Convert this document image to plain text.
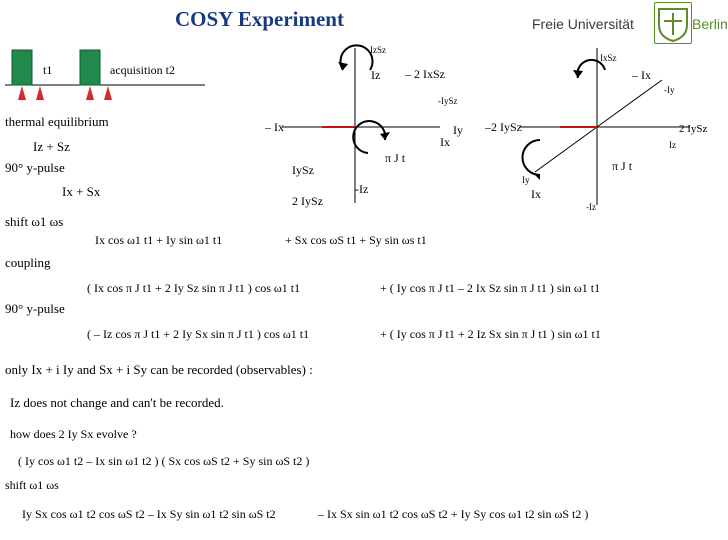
COSY Experiment	Freie Universität	Berlin
t1	acquisition t2
thermal equilibrium
Iz + Sz
90° y-pulse
Ix + Sx
shift ω1 ωs
IzSz
Iz – 2 IxSz
-IySz
– Ix	Iy
Ix
π J t
IySz
2 IySz
-Iz
IxSz
– Ix
-Iy
–2 IySz	2 IySz
Iz
π J t
Iy
Ix
-Iz
Ix cos ω1 t1 + Iy sin ω1 t1	+ Sx cos ωS t1 + Sy sin ωs t1
coupling
( Ix cos π J t1 + 2 Iy Sz sin π J t1 ) cos ω1 t1	+ ( Iy cos π J t1 – 2 Ix Sz sin π J t1 ) sin ω1 t1
90° y-pulse
( – Iz cos π J t1 + 2 Iy Sx sin π J t1 ) cos ω1 t1	+ ( Iy cos π J t1 + 2 Iz Sx sin π J t1 ) sin ω1 t1
only Ix + i Iy and Sx + i Sy can be recorded (observables) :
Iz does not change and can't be recorded.
how does 2 Iy Sx evolve ?
( Iy cos ω1 t2 – Ix sin ω1 t2 ) ( Sx cos ωS t2 + Sy sin ωS t2 )
shift ω1 ωs
Iy Sx cos ω1 t2 cos ωS t2 – Ix Sy sin ω1 t2 sin ωS t2	– Ix Sx sin ω1 t2 cos ωS t2 + Iy Sy cos ω1 t2 sin ωS t2 )
